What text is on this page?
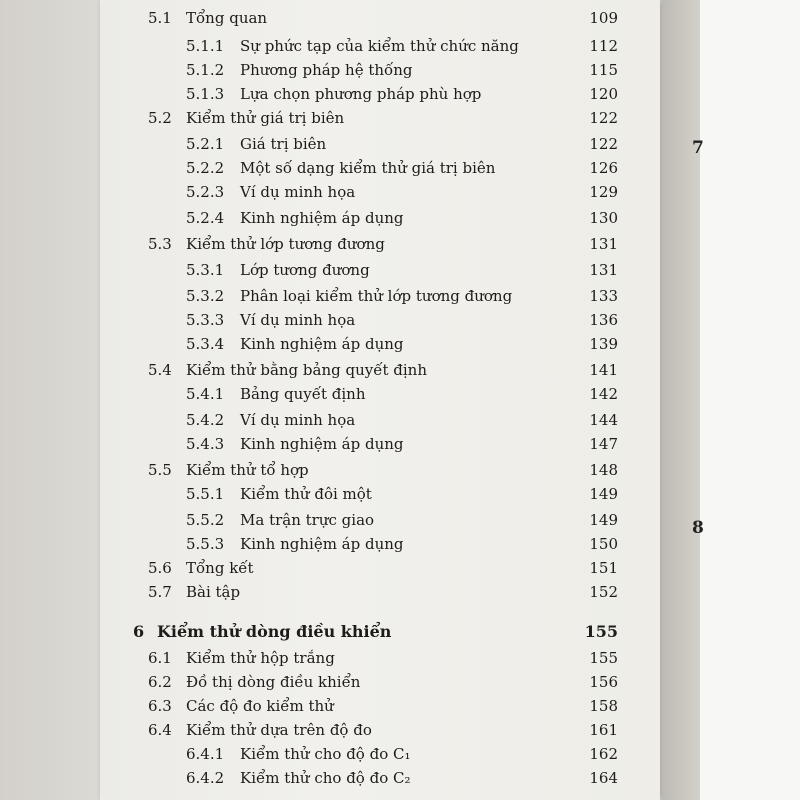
5.1 Tổng quan	109
5.1.1 Sự phức tạp của kiểm thử chức năng	112
5.1.2 Phương pháp hệ thống	115
5.1.3 Lựa chọn phương pháp phù hợp	120
5.2 Kiểm thử giá trị biên	122
5.2.1 Giá trị biên	122
5.2.2 Một số dạng kiểm thử giá trị biên	126
5.2.3 Ví dụ minh họa	129
5.2.4 Kinh nghiệm áp dụng	130
5.3 Kiểm thử lớp tương đương	131
5.3.1 Lớp tương đương	131
5.3.2 Phân loại kiểm thử lớp tương đương	133
5.3.3 Ví dụ minh họa	136
5.3.4 Kinh nghiệm áp dụng	139
5.4 Kiểm thử bằng bảng quyết định	141
5.4.1 Bảng quyết định	142
5.4.2 Ví dụ minh họa	144
5.4.3 Kinh nghiệm áp dụng	147
5.5 Kiểm thử tổ hợp	148
5.5.1 Kiểm thử đôi một	149
5.5.2 Ma trận trực giao	149
5.5.3 Kinh nghiệm áp dụng	150
5.6 Tổng kết	151
5.7 Bài tập	152
6 Kiểm thử dòng điều khiển	155
6.1 Kiểm thử hộp trắng	155
6.2 Đồ thị dòng điều khiển	156
6.3 Các độ đo kiểm thử	158
6.4 Kiểm thử dựa trên độ đo	161
6.4.1 Kiểm thử cho độ đo C₁	162
6.4.2 Kiểm thử cho độ đo C₂	164
7
8
